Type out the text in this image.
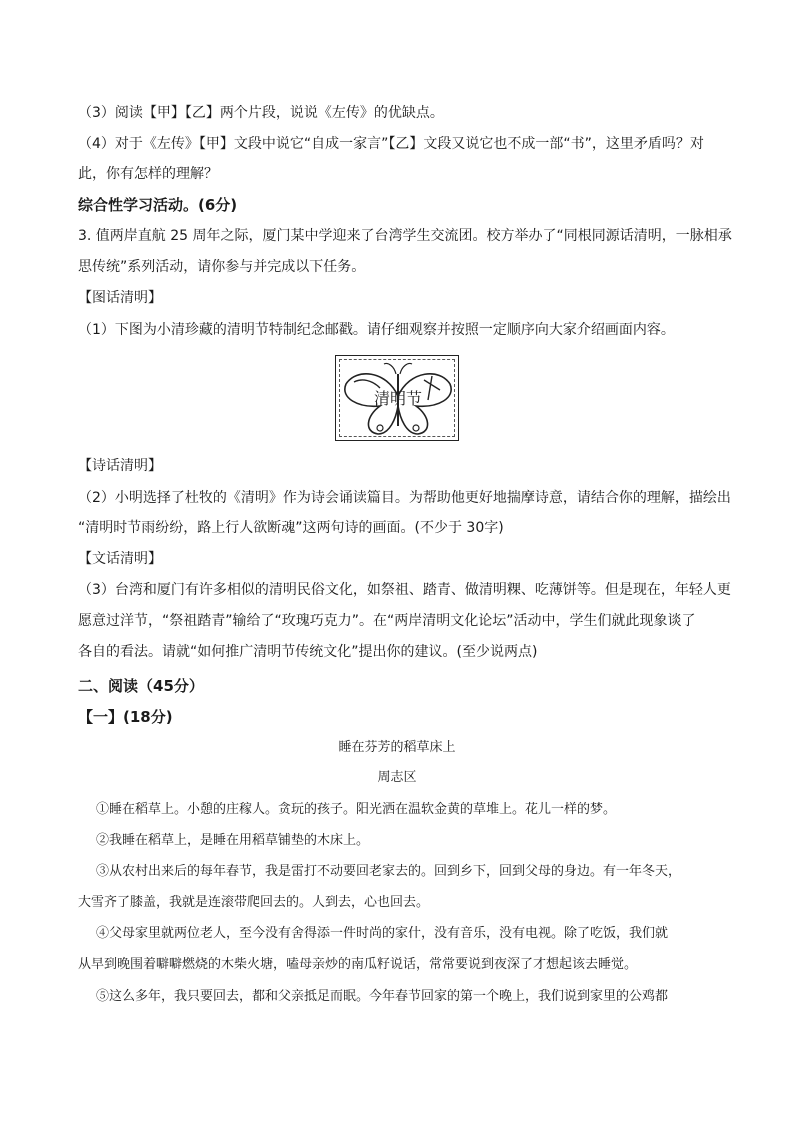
（3）阅读【甲】【乙】两个片段，说说《左传》的优缺点。
（4）对于《左传》【甲】文段中说它“自成一家言”【乙】文段又说它也不成一部“书”，这里矛盾吗？对
此，你有怎样的理解？
综合性学习活动。(6分)
3. 值两岸直航 25 周年之际，厦门某中学迎来了台湾学生交流团。校方举办了“同根同源话清明，一脉相承
思传统”系列活动，请你参与并完成以下任务。
【图话清明】
（1）下图为小清珍藏的清明节特制纪念邮戳。请仔细观察并按照一定顺序向大家介绍画面内容。
清明节
【诗话清明】
（2）小明选择了杜牧的《清明》作为诗会诵读篇目。为帮助他更好地揣摩诗意，请结合你的理解，描绘出
“清明时节雨纷纷，路上行人欲断魂”这两句诗的画面。(不少于 30字)
【文话清明】
（3）台湾和厦门有许多相似的清明民俗文化，如祭祖、踏青、做清明粿、吃薄饼等。但是现在，年轻人更
愿意过洋节，“祭祖踏青”输给了“玫瑰巧克力”。在“两岸清明文化论坛”活动中，学生们就此现象谈了
各自的看法。请就“如何推广清明节传统文化”提出你的建议。(至少说两点)
二、阅读（45分）
【一】(18分)
睡在芬芳的稻草床上
周志区
①睡在稻草上。小憩的庄稼人。贪玩的孩子。阳光洒在温软金黄的草堆上。花儿一样的梦。
②我睡在稻草上，是睡在用稻草铺垫的木床上。
③从农村出来后的每年春节，我是雷打不动要回老家去的。回到乡下，回到父母的身边。有一年冬天，
大雪齐了膝盖，我就是连滚带爬回去的。人到去，心也回去。
④父母家里就两位老人，至今没有舍得添一件时尚的家什，没有音乐，没有电视。除了吃饭，我们就
从早到晚围着噼噼燃烧的木柴火塘，嗑母亲炒的南瓜籽说话，常常要说到夜深了才想起该去睡觉。
⑤这么多年，我只要回去，都和父亲抵足而眠。今年春节回家的第一个晚上，我们说到家里的公鸡都
